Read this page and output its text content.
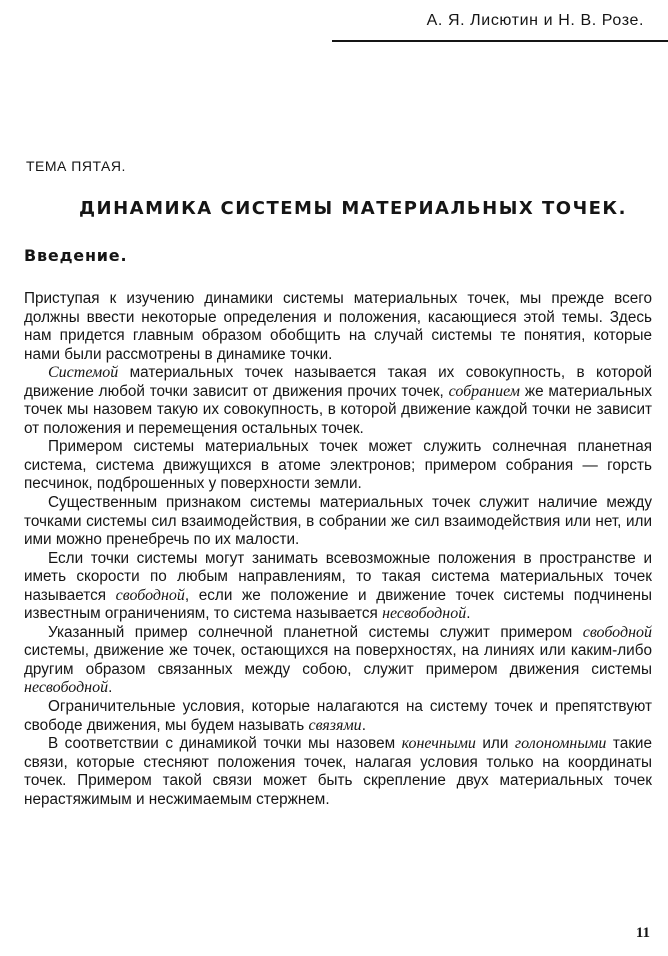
А. Я. Лисютин и Н. В. Розе.
ТЕМА ПЯТАЯ.
ДИНАМИКА СИСТЕМЫ МАТЕРИАЛЬНЫХ ТОЧЕК.
Введение.

Приступая к изучению динамики системы материальных точек, мы прежде всего должны ввести некоторые определения и положения, касающиеся этой темы. Здесь нам придется главным образом обобщить на случай системы те понятия, которые нами были рассмотрены в динамике точки.

Системой материальных точек называется такая их совокупность, в которой движение любой точки зависит от движения прочих точек, собранием же материальных точек мы назовем такую их совокупность, в которой движение каждой точки не зависит от положения и перемещения остальных точек.

Примером системы материальных точек может служить солнечная планетная система, система движущихся в атоме электронов; примером собрания — горсть песчинок, подброшенных у поверхности земли.

Существенным признаком системы материальных точек служит наличие между точками системы сил взаимодействия, в собрании же сил взаимодействия или нет, или ими можно пренебречь по их малости.

Если точки системы могут занимать всевозможные положения в пространстве и иметь скорости по любым направлениям, то такая система материальных точек называется свободной, если же положение и движение точек системы подчинены известным ограничениям, то система называется несвободной.

Указанный пример солнечной планетной системы служит примером свободной системы, движение же точек, остающихся на поверхностях, на линиях или каким-либо другим образом связанных между собою, служит примером движения системы несвободной.

Ограничительные условия, которые налагаются на систему точек и препятствуют свободе движения, мы будем называть связями.

В соответствии с динамикой точки мы назовем конечными или голономными такие связи, которые стесняют положения точек, налагая условия только на координаты точек. Примером такой связи может быть скрепление двух материальных точек нерастяжимым и несжимаемым стержнем.

11
